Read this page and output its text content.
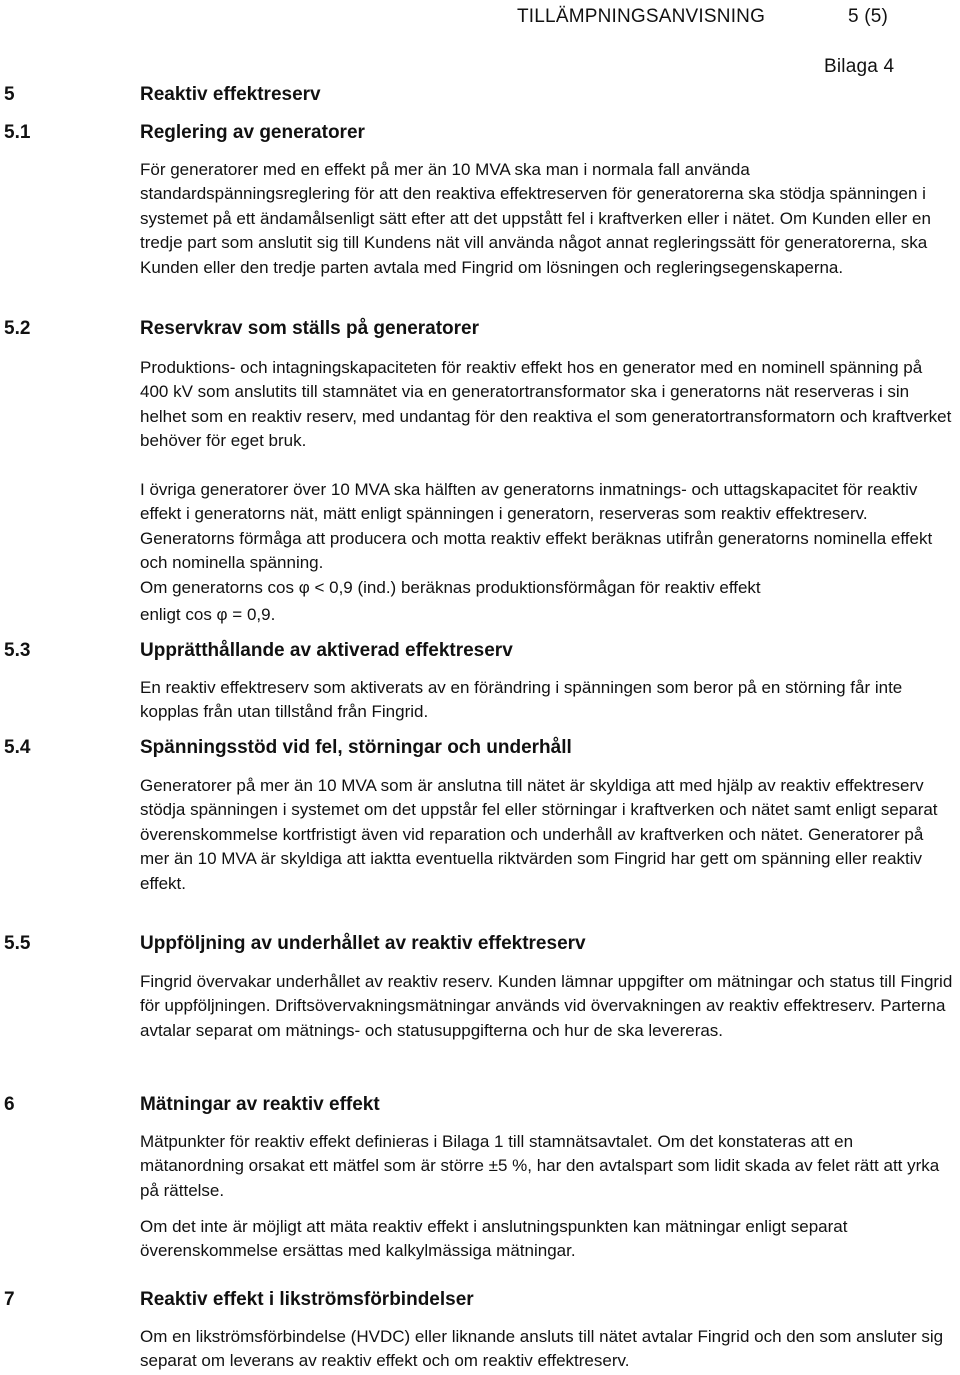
TILLÄMPNINGSANVISNING	5 (5)
Bilaga 4
5	Reaktiv effektreserv
5.1	Reglering av generatorer

För generatorer med en effekt på mer än 10 MVA ska man i normala fall använda standardspänningsreglering för att den reaktiva effektreserven för generatorerna ska stödja spänningen i systemet på ett ändamålsenligt sätt efter att det uppstått fel i kraftverken eller i nätet. Om Kunden eller en tredje part som anslutit sig till Kundens nät vill använda något annat regleringssätt för generatorerna, ska Kunden eller den tredje parten avtala med Fingrid om lösningen och regleringsegenskaperna.

5.2	Reservkrav som ställs på generatorer

Produktions- och intagningskapaciteten för reaktiv effekt hos en generator med en nominell spänning på 400 kV som anslutits till stamnätet via en generatortransformator ska i generatorns nät reserveras i sin helhet som en reaktiv reserv, med undantag för den reaktiva el som generatortransformatorn och kraftverket behöver för eget bruk.

I övriga generatorer över 10 MVA ska hälften av generatorns inmatnings- och uttagskapacitet för reaktiv effekt i generatorns nät, mätt enligt spänningen i generatorn, reserveras som reaktiv effektreserv. Generatorns förmåga att producera och motta reaktiv effekt beräknas utifrån generatorns nominella effekt och nominella spänning.

Om generatorns cos φ < 0,9 (ind.) beräknas produktionsförmågan för reaktiv effekt

enligt cos φ = 0,9.

5.3	Upprätthållande av aktiverad effektreserv

En reaktiv effektreserv som aktiverats av en förändring i spänningen som beror på en störning får inte kopplas från utan tillstånd från Fingrid.

5.4	Spänningsstöd vid fel, störningar och underhåll

Generatorer på mer än 10 MVA som är anslutna till nätet är skyldiga att med hjälp av reaktiv effektreserv stödja spänningen i systemet om det uppstår fel eller störningar i kraftverken och nätet samt enligt separat överenskommelse kortfristigt även vid reparation och underhåll av kraftverken och nätet. Generatorer på mer än 10 MVA är skyldiga att iaktta eventuella riktvärden som Fingrid har gett om spänning eller reaktiv effekt.

5.5	Uppföljning av underhållet av reaktiv effektreserv

Fingrid övervakar underhållet av reaktiv reserv. Kunden lämnar uppgifter om mätningar och status till Fingrid för uppföljningen. Driftsövervakningsmätningar används vid övervakningen av reaktiv effektreserv. Parterna avtalar separat om mätnings- och statusuppgifterna och hur de ska levereras.

6	Mätningar av reaktiv effekt

Mätpunkter för reaktiv effekt definieras i Bilaga 1 till stamnätsavtalet. Om det konstateras att en mätanordning orsakat ett mätfel som är större ±5 %, har den avtalspart som lidit skada av felet rätt att yrka på rättelse.

Om det inte är möjligt att mäta reaktiv effekt i anslutningspunkten kan mätningar enligt separat överenskommelse ersättas med kalkylmässiga mätningar.

7	Reaktiv effekt i likströmsförbindelser

Om en likströmsförbindelse (HVDC) eller liknande ansluts till nätet avtalar Fingrid och den som ansluter sig separat om leverans av reaktiv effekt och om reaktiv effektreserv.
